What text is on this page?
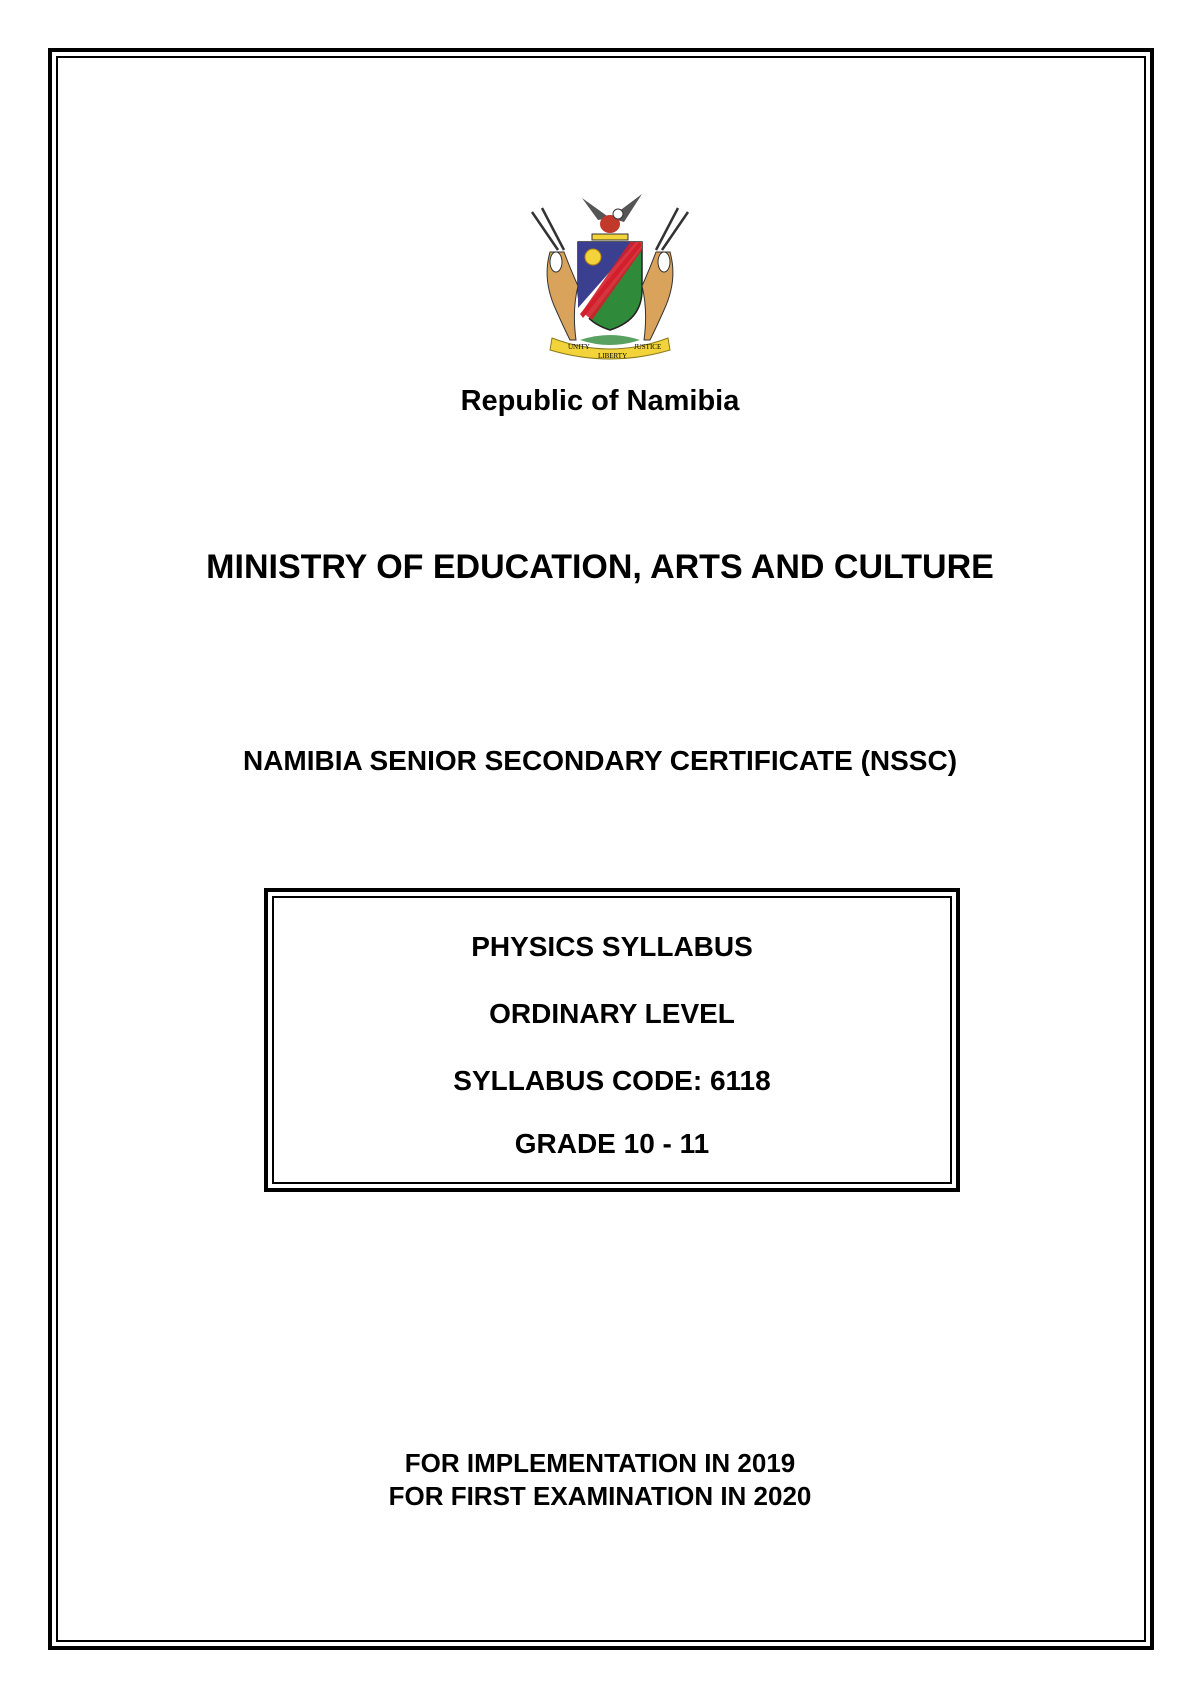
UNITY
LIBERTY
JUSTICE
Republic of Namibia
MINISTRY OF EDUCATION, ARTS AND CULTURE
NAMIBIA SENIOR SECONDARY CERTIFICATE (NSSC)
PHYSICS SYLLABUS
ORDINARY LEVEL
SYLLABUS CODE: 6118
GRADE 10 - 11
FOR IMPLEMENTATION IN 2019
FOR FIRST EXAMINATION IN 2020
